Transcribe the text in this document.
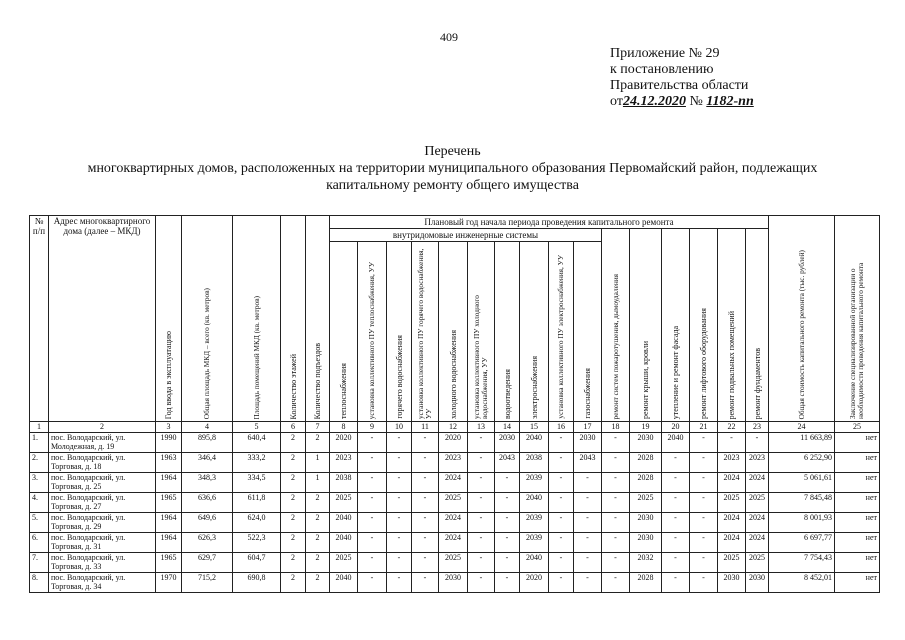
409
Приложение № 29
к постановлению
Правительства области
от24.12.2020 № 1182-пп
Перечень
многоквартирных домов, расположенных на территории муниципального образования Первомайский район, подлежащих
капитальному ремонту общего имущества
№ п/п	Адрес многоквартирного дома (далее – МКД)	Год ввода в эксплуатацию	Общая площадь МКД – всего (кв. метров)	Площадь помещений МКД (кв. метров)	Количество этажей	Количество подъездов	Плановый год начала периода проведения капитального ремонта																Общая стоимость капитального ремонта (тыс. рублей)	Заключение специализированной организации о необходимости проведения капитального ремонта

							внутридомовые инженерные системы										ремонт систем пожаротушения, дымоудаления	ремонт крыши, кровли	утепление и ремонт фасада	ремонт лифтового оборудования	ремонт подвальных помещений	ремонт фундаментов		

							теплоснабжения	установка коллективного ПУ теплоснабжения, УУ	горячего водоснабжения	установка коллективного ПУ горячего водоснабжения, УУ	холодного водоснабжения	установка коллективного ПУ холодного водоснабжения, УУ	водоотведения	электроснабжения	установка коллективного ПУ электроснабжения, УУ	газоснабжения								

1	2	3	4	5	6	7	8	9	10	11	12	13	14	15	16	17	18	19	20	21	22	23	24	25
1.	пос. Володарский, ул. Молодежная, д. 19	1990	895,8	640,4	2	2	2020	-	-	-	2020	-	2030	2040	-	2030	-	2030	2040	-	-	-	11 663,89	нет
2.	пос. Володарский, ул. Торговая, д. 18	1963	346,4	333,2	2	1	2023	-	-	-	2023	-	2043	2038	-	2043	-	2028	-	-	2023	2023	6 252,90	нет
3.	пос. Володарский, ул. Торговая, д. 25	1964	348,3	334,5	2	1	2038	-	-	-	2024	-	-	2039	-	-	-	2028	-	-	2024	2024	5 061,61	нет
4.	пос. Володарский, ул. Торговая, д. 27	1965	636,6	611,8	2	2	2025	-	-	-	2025	-	-	2040	-	-	-	2025	-	-	2025	2025	7 845,48	нет
5.	пос. Володарский, ул. Торговая, д. 29	1964	649,6	624,0	2	2	2040	-	-	-	2024	-	-	2039	-	-	-	2030	-	-	2024	2024	8 001,93	нет
6.	пос. Володарский, ул. Торговая, д. 31	1964	626,3	522,3	2	2	2040	-	-	-	2024	-	-	2039	-	-	-	2030	-	-	2024	2024	6 697,77	нет
7.	пос. Володарский, ул. Торговая, д. 33	1965	629,7	604,7	2	2	2025	-	-	-	2025	-	-	2040	-	-	-	2032	-	-	2025	2025	7 754,43	нет
8.	пос. Володарский, ул. Торговая, д. 34	1970	715,2	690,8	2	2	2040	-	-	-	2030	-	-	2020	-	-	-	2028	-	-	2030	2030	8 452,01	нет
